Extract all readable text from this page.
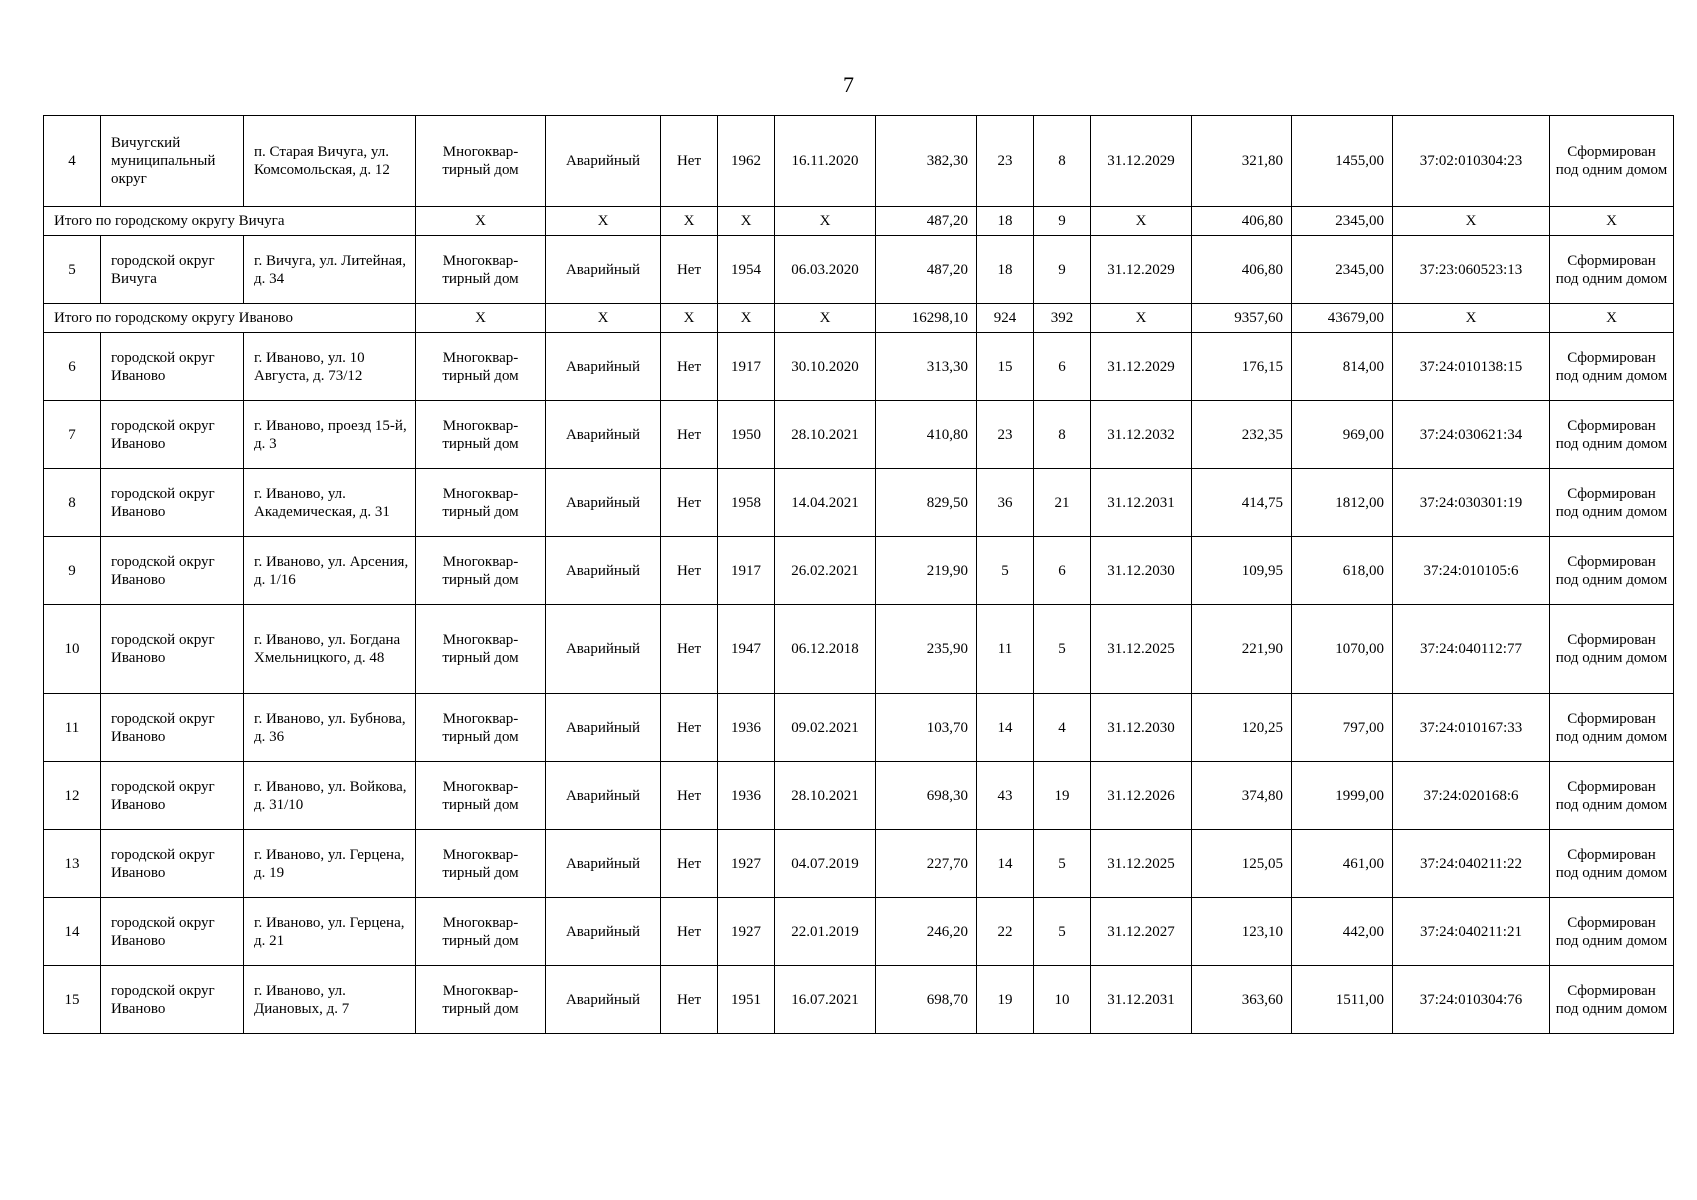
7
4	Вичугский муниципальный округ	п. Старая Вичуга, ул. Комсомольская, д. 12	Многоквар-тирный дом	Аварийный	Нет	1962	16.11.2020	382,30	23	8	31.12.2029	321,80	1455,00	37:02:010304:23	Сформирован под одним домом
Итого по городскому округу Вичуга			X	X	X	X	X	487,20	18	9	X	406,80	2345,00	X	X
5	городской округ Вичуга	г. Вичуга, ул. Литейная, д. 34	Многоквар-тирный дом	Аварийный	Нет	1954	06.03.2020	487,20	18	9	31.12.2029	406,80	2345,00	37:23:060523:13	Сформирован под одним домом
Итого по городскому округу Иваново			X	X	X	X	X	16298,10	924	392	X	9357,60	43679,00	X	X
6	городской округ Иваново	г. Иваново, ул. 10 Августа, д. 73/12	Многоквар-тирный дом	Аварийный	Нет	1917	30.10.2020	313,30	15	6	31.12.2029	176,15	814,00	37:24:010138:15	Сформирован под одним домом
7	городской округ Иваново	г. Иваново, проезд 15-й, д. 3	Многоквар-тирный дом	Аварийный	Нет	1950	28.10.2021	410,80	23	8	31.12.2032	232,35	969,00	37:24:030621:34	Сформирован под одним домом
8	городской округ Иваново	г. Иваново, ул. Академическая, д. 31	Многоквар-тирный дом	Аварийный	Нет	1958	14.04.2021	829,50	36	21	31.12.2031	414,75	1812,00	37:24:030301:19	Сформирован под одним домом
9	городской округ Иваново	г. Иваново, ул. Арсения, д. 1/16	Многоквар-тирный дом	Аварийный	Нет	1917	26.02.2021	219,90	5	6	31.12.2030	109,95	618,00	37:24:010105:6	Сформирован под одним домом
10	городской округ Иваново	г. Иваново, ул. Богдана Хмельницкого, д. 48	Многоквар-тирный дом	Аварийный	Нет	1947	06.12.2018	235,90	11	5	31.12.2025	221,90	1070,00	37:24:040112:77	Сформирован под одним домом
11	городской округ Иваново	г. Иваново, ул. Бубнова, д. 36	Многоквар-тирный дом	Аварийный	Нет	1936	09.02.2021	103,70	14	4	31.12.2030	120,25	797,00	37:24:010167:33	Сформирован под одним домом
12	городской округ Иваново	г. Иваново, ул. Войкова, д. 31/10	Многоквар-тирный дом	Аварийный	Нет	1936	28.10.2021	698,30	43	19	31.12.2026	374,80	1999,00	37:24:020168:6	Сформирован под одним домом
13	городской округ Иваново	г. Иваново, ул. Герцена, д. 19	Многоквар-тирный дом	Аварийный	Нет	1927	04.07.2019	227,70	14	5	31.12.2025	125,05	461,00	37:24:040211:22	Сформирован под одним домом
14	городской округ Иваново	г. Иваново, ул. Герцена, д. 21	Многоквар-тирный дом	Аварийный	Нет	1927	22.01.2019	246,20	22	5	31.12.2027	123,10	442,00	37:24:040211:21	Сформирован под одним домом
15	городской округ Иваново	г. Иваново, ул. Диановых, д. 7	Многоквар-тирный дом	Аварийный	Нет	1951	16.07.2021	698,70	19	10	31.12.2031	363,60	1511,00	37:24:010304:76	Сформирован под одним домом
